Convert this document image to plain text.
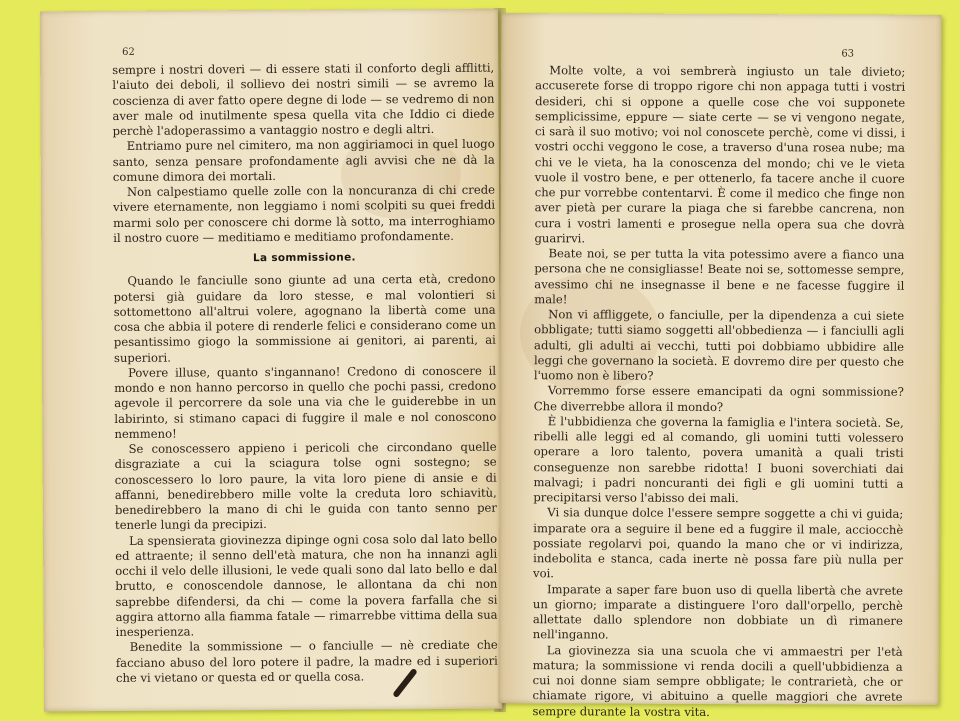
62

sempre i nostri doveri — di essere stati il conforto degli afflitti, l'aiuto dei deboli, il sollievo dei nostri simili — se avremo la coscienza di aver fatto opere degne di lode — se vedremo di non aver male od inutilmente spesa quella vita che Iddio ci diede perchè l'adoperassimo a vantaggio nostro e degli altri.

Entriamo pure nel cimitero, ma non aggiriamoci in quel luogo santo, senza pensare profondamente agli avvisi che ne dà la comune dimora dei mortali.

Non calpestiamo quelle zolle con la noncuranza di chi crede vivere eternamente, non leggiamo i nomi scolpiti su quei freddi marmi solo per conoscere chi dorme là sotto, ma interroghiamo il nostro cuore — meditiamo e meditiamo profondamente.

La sommissione.

Quando le fanciulle sono giunte ad una certa età, credono potersi già guidare da loro stesse, e mal volontieri si sottomettono all'altrui volere, agognano la libertà come una cosa che abbia il potere di renderle felici e considerano come un pesantissimo giogo la sommissione ai genitori, ai parenti, ai superiori.

Povere illuse, quanto s'ingannano! Credono di conoscere il mondo e non hanno percorso in quello che pochi passi, credono agevole il percorrere da sole una via che le guiderebbe in un labirinto, si stimano capaci di fuggire il male e nol conoscono nemmeno!

Se conoscessero appieno i pericoli che circondano quelle disgraziate a cui la sciagura tolse ogni sostegno; se conoscessero lo loro paure, la vita loro piene di ansie e di affanni, benedirebbero mille volte la creduta loro schiavitù, benedirebbero la mano di chi le guida con tanto senno per tenerle lungi da precipizi.

La spensierata giovinezza dipinge ogni cosa solo dal lato bello ed attraente; il senno dell'età matura, che non ha innanzi agli occhi il velo delle illusioni, le vede quali sono dal lato bello e dal brutto, e conoscendole dannose, le allontana da chi non saprebbe difendersi, da chi — come la povera farfalla che si aggira attorno alla fiamma fatale — rimarrebbe vittima della sua inesperienza.

Benedite la sommissione — o fanciulle — nè crediate che facciano abuso del loro potere il padre, la madre ed i superiori che vi vietano or questa ed or quella cosa.

63

Molte volte, a voi sembrerà ingiusto un tale divieto; accuserete forse di troppo rigore chi non appaga tutti i vostri desideri, chi si oppone a quelle cose che voi supponete semplicissime, eppure — siate certe — se vi vengono negate, ci sarà il suo motivo; voi nol conoscete perchè, come vi dissi, i vostri occhi veggono le cose, a traverso d'una rosea nube; ma chi ve le vieta, ha la conoscenza del mondo; chi ve le vieta vuole il vostro bene, e per ottenerlo, fa tacere anche il cuore che pur vorrebbe contentarvi. È come il medico che finge non aver pietà per curare la piaga che si farebbe cancrena, non cura i vostri lamenti e prosegue nella opera sua che dovrà guarirvi.

Beate noi, se per tutta la vita potessimo avere a fianco una persona che ne consigliasse! Beate noi se, sottomesse sempre, avessimo chi ne insegnasse il bene e ne facesse fuggire il male!

Non vi affliggete, o fanciulle, per la dipendenza a cui siete obbligate; tutti siamo soggetti all'obbedienza — i fanciulli agli adulti, gli adulti ai vecchi, tutti poi dobbiamo ubbidire alle leggi che governano la società. E dovremo dire per questo che l'uomo non è libero?

Vorremmo forse essere emancipati da ogni sommissione? Che diverrebbe allora il mondo?

È l'ubbidienza che governa la famiglia e l'intera società. Se, ribelli alle leggi ed al comando, gli uomini tutti volessero operare a loro talento, povera umanità a quali tristi conseguenze non sarebbe ridotta! I buoni soverchiati dai malvagi; i padri noncuranti dei figli e gli uomini tutti a precipitarsi verso l'abisso dei mali.

Vi sia dunque dolce l'essere sempre soggette a chi vi guida; imparate ora a seguire il bene ed a fuggire il male, acciocchè possiate regolarvi poi, quando la mano che or vi indirizza, indebolita e stanca, cada inerte nè possa fare più nulla per voi.

Imparate a saper fare buon uso di quella libertà che avrete un giorno; imparate a distinguere l'oro dall'orpello, perchè allettate dallo splendore non dobbiate un dì rimanere nell'inganno.

La giovinezza sia una scuola che vi ammaestri per l'età matura; la sommissione vi renda docili a quell'ubbidienza a cui noi donne siam sempre obbligate; le contrarietà, che or chiamate rigore, vi abituino a quelle maggiori che avrete sempre durante la vostra vita.
